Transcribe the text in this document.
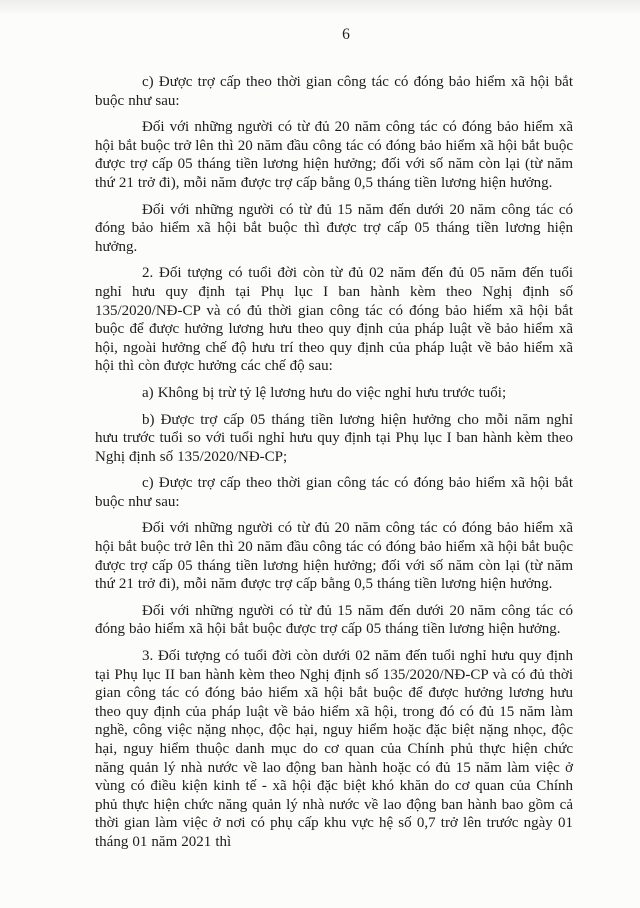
6

c) Được trợ cấp theo thời gian công tác có đóng bảo hiểm xã hội bắt buộc như sau:

Đối với những người có từ đủ 20 năm công tác có đóng bảo hiểm xã hội bắt buộc trở lên thì 20 năm đầu công tác có đóng bảo hiểm xã hội bắt buộc được trợ cấp 05 tháng tiền lương hiện hưởng; đối với số năm còn lại (từ năm thứ 21 trở đi), mỗi năm được trợ cấp bằng 0,5 tháng tiền lương hiện hưởng.

Đối với những người có từ đủ 15 năm đến dưới 20 năm công tác có đóng bảo hiểm xã hội bắt buộc thì được trợ cấp 05 tháng tiền lương hiện hưởng.

2. Đối tượng có tuổi đời còn từ đủ 02 năm đến đủ 05 năm đến tuổi nghỉ hưu quy định tại Phụ lục I ban hành kèm theo Nghị định số 135/2020/NĐ-CP và có đủ thời gian công tác có đóng bảo hiểm xã hội bắt buộc để được hưởng lương hưu theo quy định của pháp luật về bảo hiểm xã hội, ngoài hưởng chế độ hưu trí theo quy định của pháp luật về bảo hiểm xã hội thì còn được hưởng các chế độ sau:

a) Không bị trừ tỷ lệ lương hưu do việc nghỉ hưu trước tuổi;

b) Được trợ cấp 05 tháng tiền lương hiện hưởng cho mỗi năm nghỉ hưu trước tuổi so với tuổi nghỉ hưu quy định tại Phụ lục I ban hành kèm theo Nghị định số 135/2020/NĐ-CP;

c) Được trợ cấp theo thời gian công tác có đóng bảo hiểm xã hội bắt buộc như sau:

Đối với những người có từ đủ 20 năm công tác có đóng bảo hiểm xã hội bắt buộc trở lên thì 20 năm đầu công tác có đóng bảo hiểm xã hội bắt buộc được trợ cấp 05 tháng tiền lương hiện hưởng; đối với số năm còn lại (từ năm thứ 21 trở đi), mỗi năm được trợ cấp bằng 0,5 tháng tiền lương hiện hưởng.

Đối với những người có từ đủ 15 năm đến dưới 20 năm công tác có đóng bảo hiểm xã hội bắt buộc được trợ cấp 05 tháng tiền lương hiện hưởng.

3. Đối tượng có tuổi đời còn dưới 02 năm đến tuổi nghỉ hưu quy định tại Phụ lục II ban hành kèm theo Nghị định số 135/2020/NĐ-CP và có đủ thời gian công tác có đóng bảo hiểm xã hội bắt buộc để được hưởng lương hưu theo quy định của pháp luật về bảo hiểm xã hội, trong đó có đủ 15 năm làm nghề, công việc nặng nhọc, độc hại, nguy hiểm hoặc đặc biệt nặng nhọc, độc hại, nguy hiểm thuộc danh mục do cơ quan của Chính phủ thực hiện chức năng quản lý nhà nước về lao động ban hành hoặc có đủ 15 năm làm việc ở vùng có điều kiện kinh tế - xã hội đặc biệt khó khăn do cơ quan của Chính phủ thực hiện chức năng quản lý nhà nước về lao động ban hành bao gồm cả thời gian làm việc ở nơi có phụ cấp khu vực hệ số 0,7 trở lên trước ngày 01 tháng 01 năm 2021 thì
